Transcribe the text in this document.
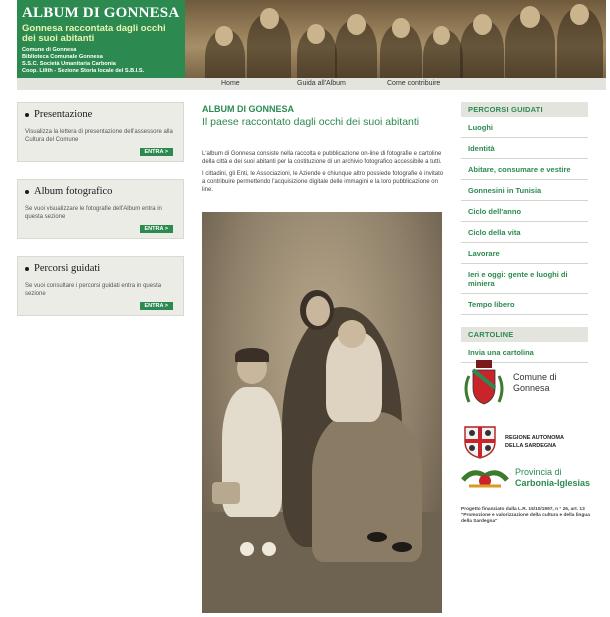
ALBUM DI GONNESA
Gonnesa raccontata dagli occhi dei suoi abitanti
Comune di Gonnesa
Biblioteca Comunale Gonnesa
S.S.C. Società Umanitaria Carbonia
Coop. Lilith - Sezione Storia locale del S.B.I.S.
Home	Guida all'Album	Come contribuire
Presentazione
Visualizza la lettera di presentazione dell'assessore alla Cultura del Comune
ENTRA >
Album fotografico
Se vuoi visualizzare le fotografie dell'Album entra in questa sezione
ENTRA >
Percorsi guidati
Se vuoi consultare i percorsi guidati entra in questa sezione
ENTRA >
ALBUM DI GONNESA
Il paese raccontato dagli occhi dei suoi abitanti
L'album di Gonnesa consiste nella raccolta e pubblicazione on-line di fotografie e cartoline della città e dei suoi abitanti per la costituzione di un archivio fotografico accessibile a tutti.
I cittadini, gli Enti, le Associazioni, le Aziende e chiunque altro possiede fotografie è invitato a contribuire permettendo l'acquisizione digitale delle immagini e la loro pubblicazione on line.
PERCORSI GUIDATI
Luoghi
Identità
Abitare, consumare e vestire
Gonnesini in Tunisia
Ciclo dell'anno
Ciclo della vita
Lavorare
Ieri e oggi: gente e luoghi di miniera
Tempo libero
CARTOLINE
Invia una cartolina
Comune di
Gonnesa
REGIONE AUTONOMA
DELLA SARDEGNA
Provincia di
Carbonia-Iglesias
Progetto finanziato dalla L.R. 15/10/1997, n ° 26, art. 13 "Promozione e valorizzazione della cultura e della lingua della Sardegna"
